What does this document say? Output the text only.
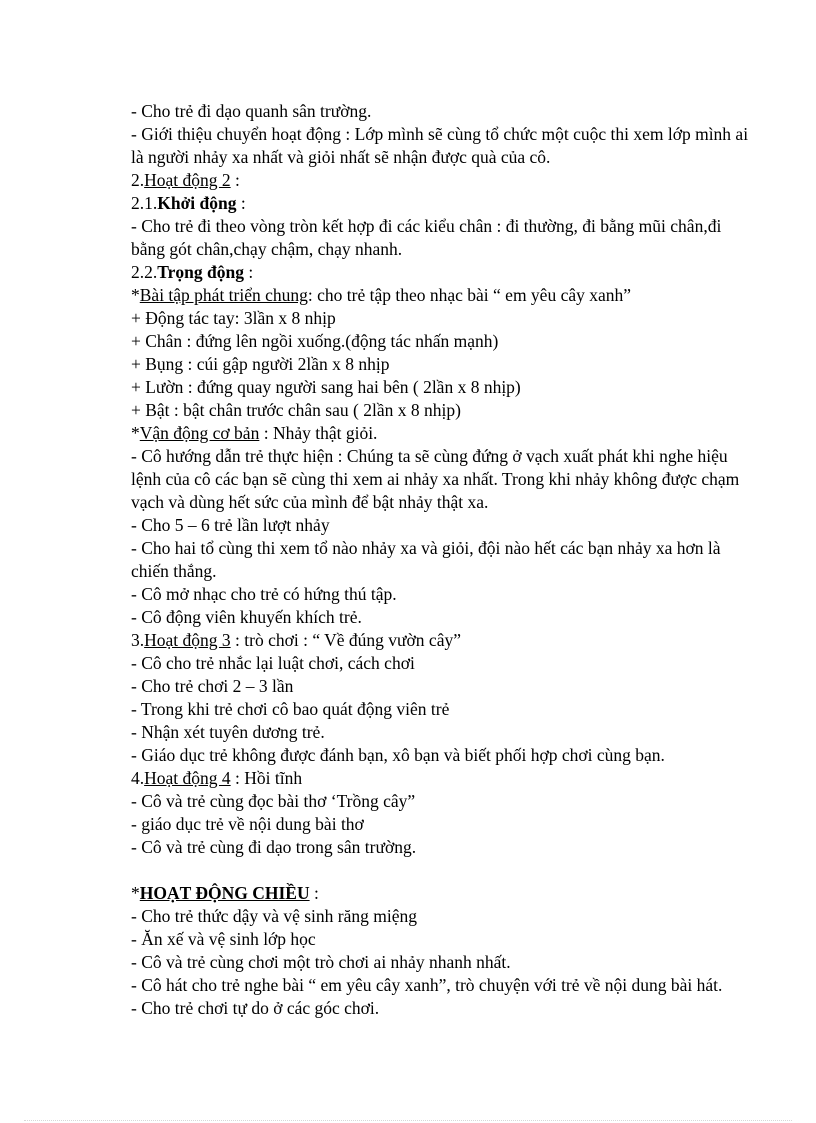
- Cho trẻ đi dạo quanh sân trường.
- Giới thiệu chuyển hoạt động : Lớp mình sẽ cùng tổ chức một cuộc thi xem lớp mình ai là người nhảy xa nhất và giỏi nhất sẽ nhận được quà của cô.
2.Hoạt động 2 :
2.1.Khởi động :
- Cho trẻ đi theo vòng tròn kết hợp đi các kiểu chân : đi thường, đi bằng mũi chân,đi bằng gót chân,chạy chậm, chạy nhanh.
2.2.Trọng động :
*Bài tập phát triển chung: cho trẻ tập theo nhạc bài “ em yêu cây xanh”
+ Động tác tay: 3lần x 8 nhịp
+ Chân : đứng lên ngồi xuống.(động tác nhấn mạnh)
+ Bụng : cúi gập người 2lần x 8 nhịp
+ Lườn : đứng quay người sang hai bên ( 2lần x 8 nhịp)
+ Bật : bật chân trước chân sau ( 2lần x 8 nhịp)
*Vận động cơ bản : Nhảy thật giỏi.
- Cô hướng dẫn trẻ thực hiện : Chúng ta sẽ cùng đứng ở vạch xuất phát khi nghe hiệu lệnh của cô các bạn sẽ cùng thi xem ai nhảy xa nhất. Trong khi nhảy không được chạm vạch và dùng hết sức của mình để bật nhảy thật xa.
- Cho 5 – 6 trẻ lần lượt nhảy
- Cho hai tổ cùng thi xem tổ nào nhảy xa và giỏi, đội nào hết các bạn nhảy xa hơn là chiến thắng.
- Cô mở nhạc cho trẻ có hứng thú tập.
- Cô động viên khuyến khích trẻ.
3.Hoạt động 3 : trò chơi : “ Về đúng vườn cây”
- Cô cho trẻ nhắc lại luật chơi, cách chơi
- Cho trẻ chơi 2 – 3 lần
- Trong khi trẻ chơi cô bao quát động viên trẻ
- Nhận xét tuyên dương trẻ.
- Giáo dục trẻ không được đánh bạn, xô bạn và biết phối hợp chơi cùng bạn.
4.Hoạt động 4 : Hồi tĩnh
- Cô và trẻ cùng đọc bài thơ ‘Trồng cây”
- giáo dục trẻ về nội dung bài thơ
- Cô và trẻ cùng đi dạo trong sân trường.
*HOẠT ĐỘNG CHIỀU :
- Cho trẻ thức dậy và vệ sinh răng miệng
- Ăn xế và vệ sinh lớp học
- Cô và trẻ cùng chơi một trò chơi ai nhảy nhanh nhất.
- Cô hát cho trẻ nghe bài “ em yêu cây xanh”, trò chuyện với trẻ về nội dung bài hát.
- Cho trẻ chơi tự do ở các góc chơi.
